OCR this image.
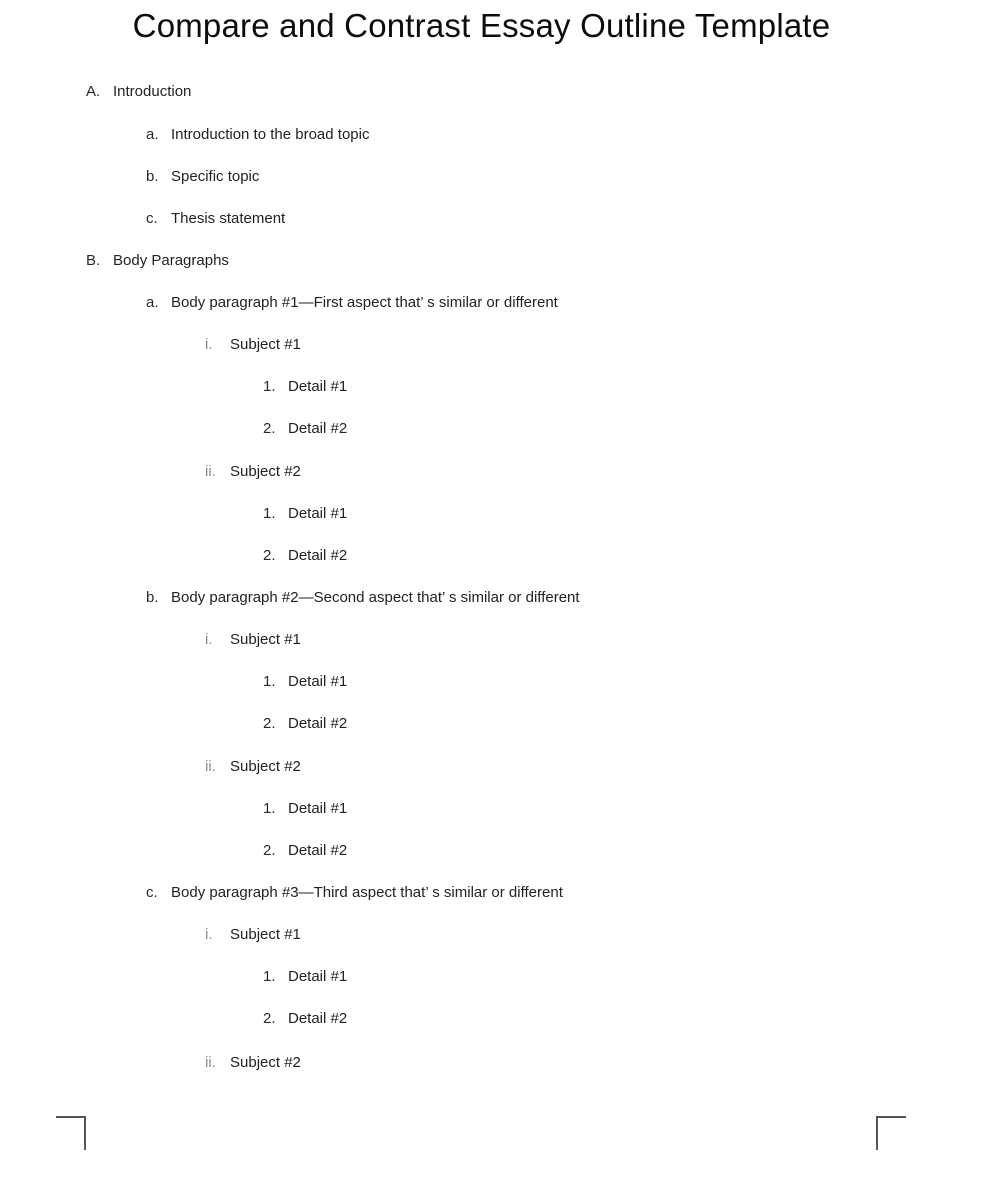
Compare and Contrast Essay Outline Template
A. Introduction
a. Introduction to the broad topic
b. Specific topic
c. Thesis statement
B. Body Paragraphs
a. Body paragraph #1—First aspect that’ s similar or different
i.	Subject #1
1. Detail #1
2. Detail #2
ii. Subject #2
1. Detail #1
2. Detail #2
b. Body paragraph #2—Second aspect that’ s similar or different
i.	Subject #1
1. Detail #1
2. Detail #2
ii. Subject #2
1. Detail #1
2. Detail #2
c. Body paragraph #3—Third aspect that’ s similar or different
i.	Subject #1
1. Detail #1
2. Detail #2
ii. Subject #2
